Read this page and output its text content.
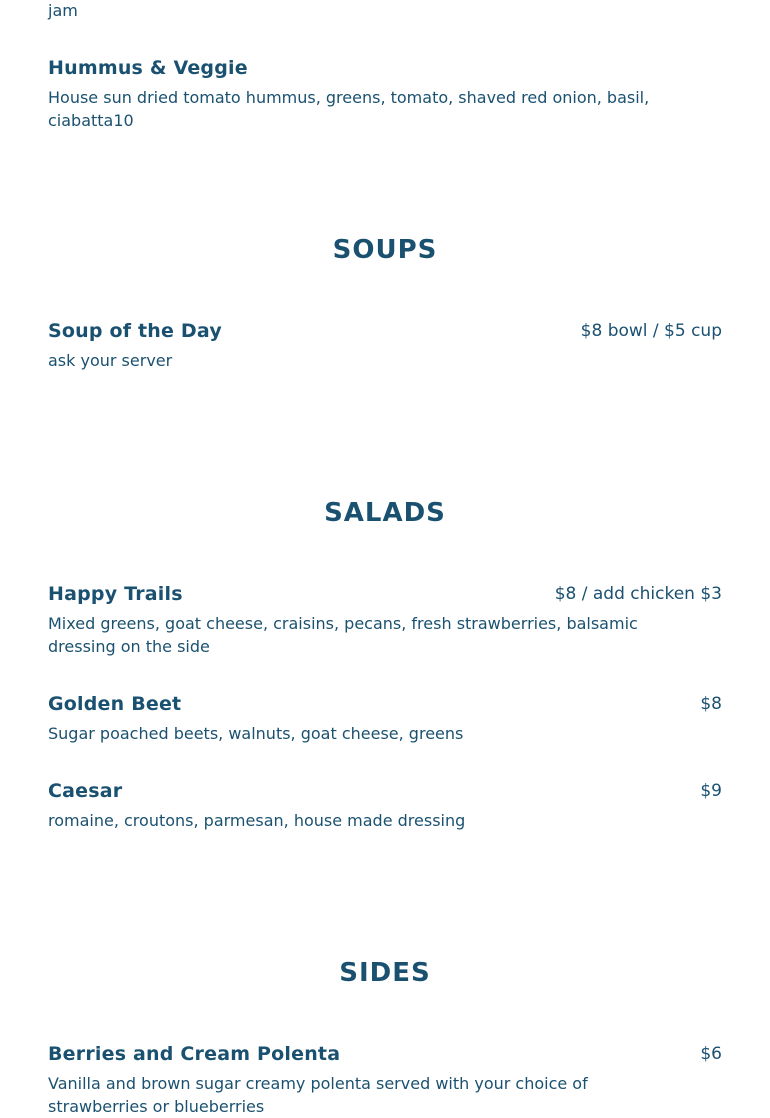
jam
Hummus & Veggie
House sun dried tomato hummus, greens, tomato, shaved red onion, basil, ciabatta10
SOUPS
Soup of the Day	$8 bowl / $5 cup
ask your server
SALADS
Happy Trails	$8 / add chicken $3
Mixed greens, goat cheese, craisins, pecans, fresh strawberries, balsamic dressing on the side
Golden Beet	$8
Sugar poached beets, walnuts, goat cheese, greens
Caesar	$9
romaine, croutons, parmesan, house made dressing
SIDES
Berries and Cream Polenta	$6
Vanilla and brown sugar creamy polenta served with your choice of strawberries or blueberries
